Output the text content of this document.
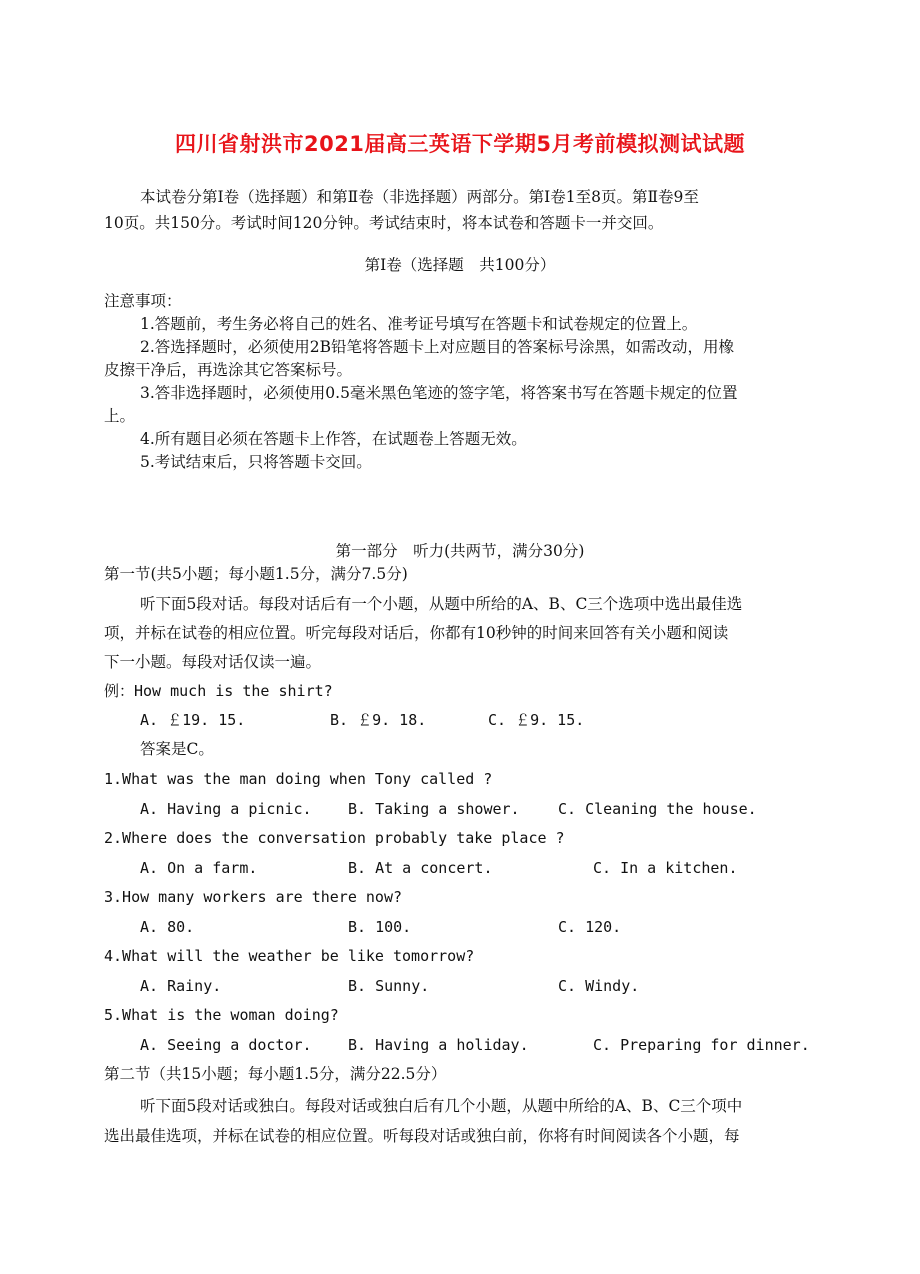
四川省射洪市2021届高三英语下学期5月考前模拟测试试题
本试卷分第Ⅰ卷（选择题）和第Ⅱ卷（非选择题）两部分。第Ⅰ卷1至8页。第Ⅱ卷9至
10页。共150分。考试时间120分钟。考试结束时，将本试卷和答题卡一并交回。
第Ⅰ卷（选择题　共100分）
注意事项：
1.答题前，考生务必将自己的姓名、准考证号填写在答题卡和试卷规定的位置上。
2.答选择题时，必须使用2B铅笔将答题卡上对应题目的答案标号涂黑，如需改动，用橡
皮擦干净后，再选涂其它答案标号。
3.答非选择题时，必须使用0.5毫米黑色笔迹的签字笔，将答案书写在答题卡规定的位置
上。
4.所有题目必须在答题卡上作答，在试题卷上答题无效。
5.考试结束后，只将答题卡交回。
第一部分　听力(共两节，满分30分)
第一节(共5小题；每小题1.5分，满分7.5分)
听下面5段对话。每段对话后有一个小题，从题中所给的A、B、C三个选项中选出最佳选
项，并标在试卷的相应位置。听完每段对话后，你都有10秒钟的时间来回答有关小题和阅读
下一小题。每段对话仅读一遍。
例：How much is the shirt?
A. ￡19. 15.	B. ￡9. 18.	C. ￡9. 15.
答案是C。
1.What was the man doing when Tony called ?
A. Having a picnic. B. Taking a shower.	C. Cleaning the house.
2.Where does the conversation probably take place ?
A. On a farm.	B. At a concert.	C. In a kitchen.
3.How many workers are there now?
A. 80.	B. 100.	C. 120.
4.What will the weather be like tomorrow?
A. Rainy.	B. Sunny.	C. Windy.
5.What is the woman doing?
A. Seeing a doctor. B. Having a holiday.	C. Preparing for dinner.
第二节（共15小题；每小题1.5分，满分22.5分）
听下面5段对话或独白。每段对话或独白后有几个小题，从题中所给的A、B、C三个项中
选出最佳选项，并标在试卷的相应位置。听每段对话或独白前，你将有时间阅读各个小题，每
